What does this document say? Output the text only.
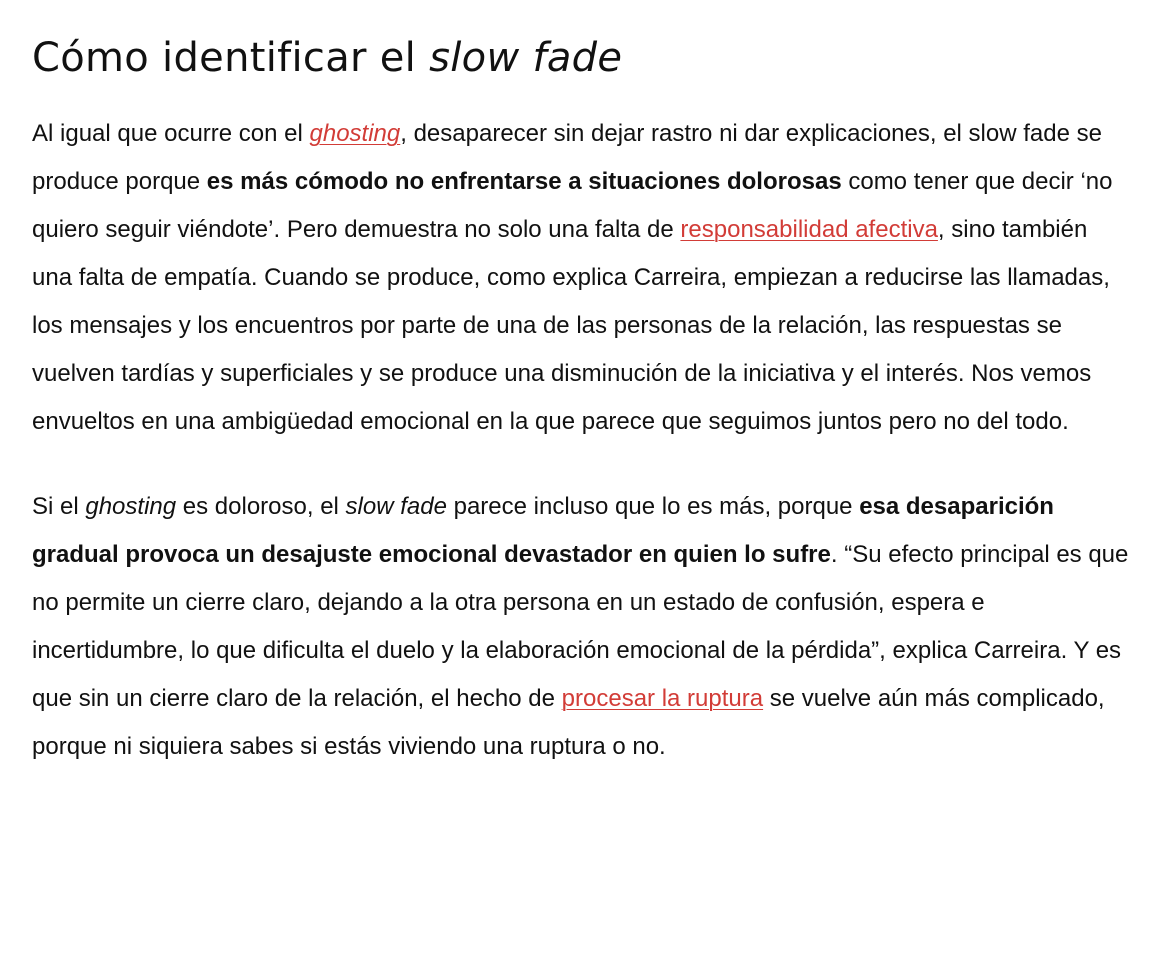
Cómo identificar el slow fade

Al igual que ocurre con el ghosting, desaparecer sin dejar rastro ni dar explicaciones, el slow fade se produce porque es más cómodo no enfrentarse a situaciones dolorosas como tener que decir ‘no quiero seguir viéndote’. Pero demuestra no solo una falta de responsabilidad afectiva, sino también una falta de empatía. Cuando se produce, como explica Carreira, empiezan a reducirse las llamadas, los mensajes y los encuentros por parte de una de las personas de la relación, las respuestas se vuelven tardías y superficiales y se produce una disminución de la iniciativa y el interés. Nos vemos envueltos en una ambigüedad emocional en la que parece que seguimos juntos pero no del todo.

Si el ghosting es doloroso, el slow fade parece incluso que lo es más, porque esa desaparición gradual provoca un desajuste emocional devastador en quien lo sufre. “Su efecto principal es que no permite un cierre claro, dejando a la otra persona en un estado de confusión, espera e incertidumbre, lo que dificulta el duelo y la elaboración emocional de la pérdida”, explica Carreira. Y es que sin un cierre claro de la relación, el hecho de procesar la ruptura se vuelve aún más complicado, porque ni siquiera sabes si estás viviendo una ruptura o no.
